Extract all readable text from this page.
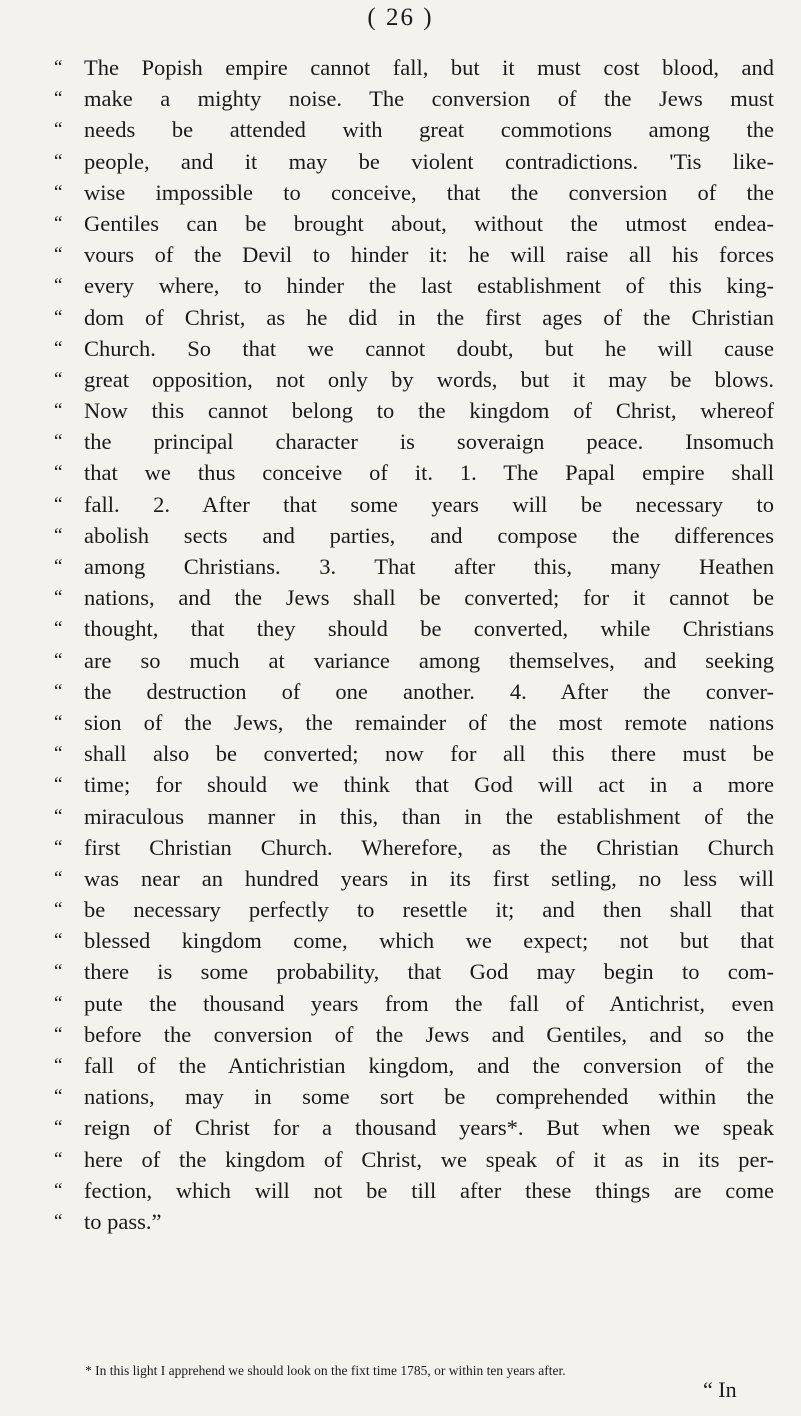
( 26 )
“ The Popish empire cannot fall, but it must cost blood, and
“ make a mighty noise. The conversion of the Jews must
“ needs be attended with great commotions among the
“ people, and it may be violent contradictions. 'Tis like-
“ wise impossible to conceive, that the conversion of the
“ Gentiles can be brought about, without the utmost endea-
“ vours of the Devil to hinder it: he will raise all his forces
“ every where, to hinder the last establishment of this king-
“ dom of Christ, as he did in the first ages of the Christian
“ Church. So that we cannot doubt, but he will cause
“ great opposition, not only by words, but it may be blows.
“ Now this cannot belong to the kingdom of Christ, whereof
“ the principal character is soveraign peace. Insomuch
“ that we thus conceive of it. 1. The Papal empire shall
“ fall. 2. After that some years will be necessary to
“ abolish sects and parties, and compose the differences
“ among Christians. 3. That after this, many Heathen
“ nations, and the Jews shall be converted; for it cannot be
“ thought, that they should be converted, while Christians
“ are so much at variance among themselves, and seeking
“ the destruction of one another. 4. After the conver-
“ sion of the Jews, the remainder of the most remote nations
“ shall also be converted; now for all this there must be
“ time; for should we think that God will act in a more
“ miraculous manner in this, than in the establishment of the
“ first Christian Church. Wherefore, as the Christian Church
“ was near an hundred years in its first setling, no less will
“ be necessary perfectly to resettle it; and then shall that
“ blessed kingdom come, which we expect; not but that
“ there is some probability, that God may begin to com-
“ pute the thousand years from the fall of Antichrist, even
“ before the conversion of the Jews and Gentiles, and so the
“ fall of the Antichristian kingdom, and the conversion of the
“ nations, may in some sort be comprehended within the
“ reign of Christ for a thousand years*. But when we speak
“ here of the kingdom of Christ, we speak of it as in its per-
“ fection, which will not be till after these things are come
“ to pass.”
* In this light I apprehend we should look on the fixt time 1785, or within ten years after.
“ In
